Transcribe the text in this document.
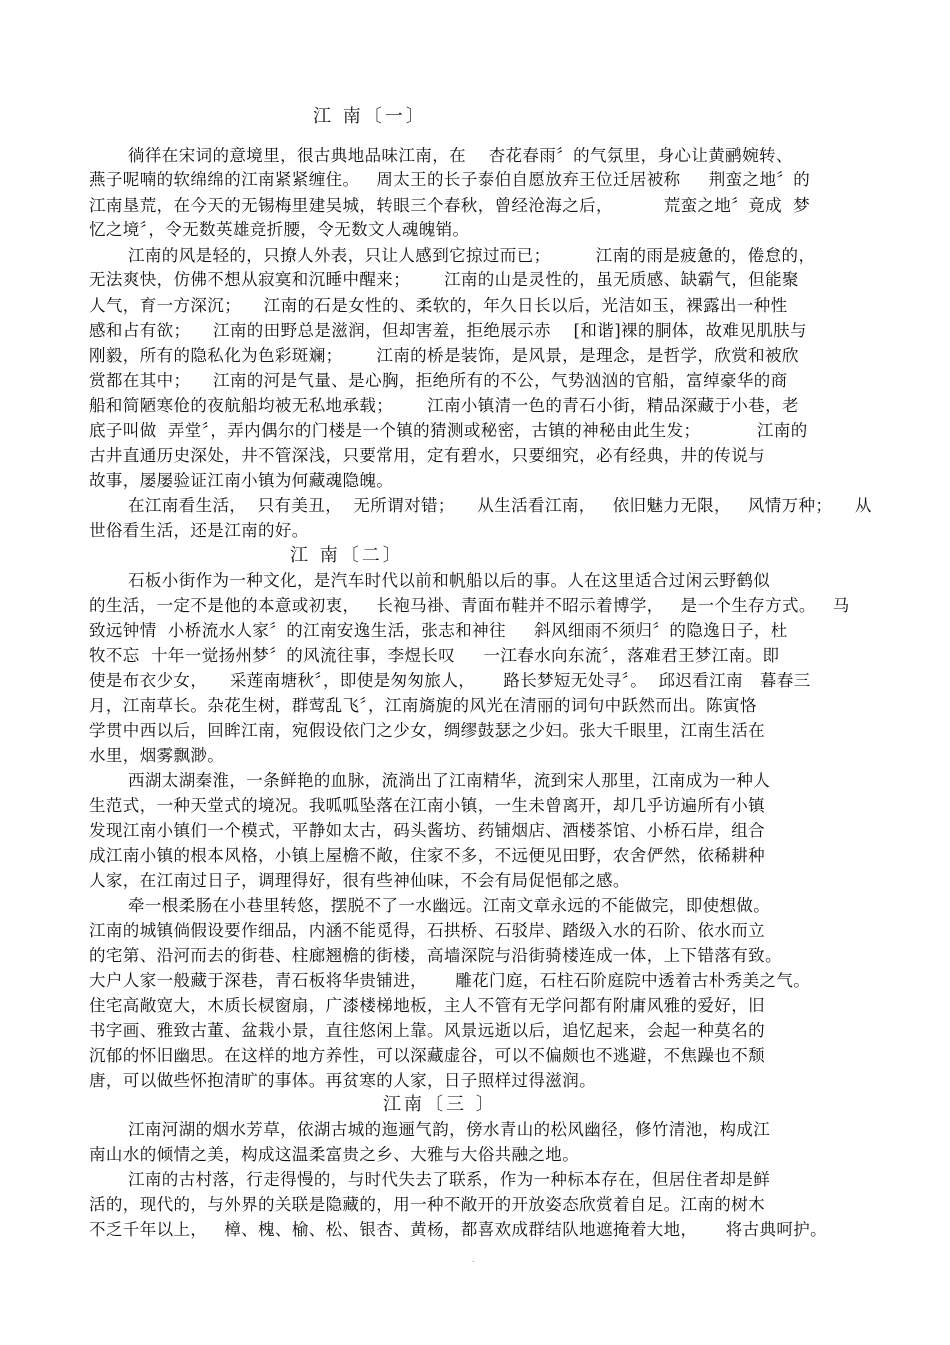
江 南〔一〕
徜徉在宋词的意境里，很古典地品味江南，在    杏花春雨〞的气氛里，身心让黄鹂婉转、
燕子呢喃的软绵绵的江南紧紧缠住。   周太王的长子泰伯自愿放弃王位迁居被称     荆蛮之地〞的
江南垦荒，在今天的无锡梅里建吴城，转眼三个春秋，曾经沧海之后，         荒蛮之地〞竟成  梦
忆之境〞，令无数英雄竞折腰，令无数文人魂魄销。
江南的风是轻的，只撩人外表，只让人感到它掠过而已；        江南的雨是疲惫的，倦怠的，
无法爽快，仿佛不想从寂寞和沉睡中醒来；      江南的山是灵性的，虽无质感、缺霸气，但能聚
人气，育一方深沉；    江南的石是女性的、柔软的，年久日长以后，光洁如玉，裸露出一种性
感和占有欲；    江南的田野总是滋润，但却害羞，拒绝展示赤    [和谐]裸的胴体，故难见肌肤与
刚毅，所有的隐私化为色彩斑斓；      江南的桥是装饰，是风景，是理念，是哲学，欣赏和被欣
赏都在其中；    江南的河是气量、是心胸，拒绝所有的不公，气势汹汹的官船，富绰豪华的商
船和简陋寒伧的夜航船均被无私地承载；      江南小镇清一色的青石小街，精品深藏于小巷，老
底子叫做  弄堂〞，弄内偶尔的门楼是一个镇的猜测或秘密，古镇的神秘由此生发；          江南的
古井直通历史深处，井不管深浅，只要常用，定有碧水，只要细究，必有经典，井的传说与
故事，屡屡验证江南小镇为何藏魂隐魄。
在江南看生活，  只有美丑，  无所谓对错；    从生活看江南，   依旧魅力无限，   风情万种；    从
世俗看生活，还是江南的好。
江 南〔二〕
石板小街作为一种文化，是汽车时代以前和帆船以后的事。人在这里适合过闲云野鹤似
的生活，一定不是他的本意或初衷，   长袍马褂、青面布鞋并不昭示着博学，   是一个生存方式。   马
致远钟情  小桥流水人家〞的江南安逸生活，张志和神往     斜风细雨不须归〞的隐逸日子，杜
牧不忘  十年一觉扬州梦〞的风流往事，李煜长叹     一江春水向东流〞，落难君王梦江南。即
使是布衣少女，    采莲南塘秋〞，即使是匆匆旅人，     路长梦短无处寻〞。  邱迟看江南   暮春三
月，江南草长。杂花生树，群莺乱飞〞，江南旖旎的风光在清丽的词句中跃然而出。陈寅恪
学贯中西以后，回眸江南，宛假设依门之少女，绸缪鼓瑟之少妇。张大千眼里，江南生活在
水里，烟雾飘渺。
西湖太湖秦淮，一条鲜艳的血脉，流淌出了江南精华，流到宋人那里，江南成为一种人
生范式，一种天堂式的境况。我呱呱坠落在江南小镇，一生未曾离开，却几乎访遍所有小镇
发现江南小镇们一个模式，平静如太古，码头酱坊、药铺烟店、酒楼茶馆、小桥石岸，组合
成江南小镇的根本风格，小镇上屋檐不敞，住家不多，不远便见田野，农舍俨然，依稀耕种
人家，在江南过日子，调理得好，很有些神仙味，不会有局促悒郁之感。
牵一根柔肠在小巷里转悠，摆脱不了一水幽远。江南文章永远的不能做完，即使想做。
江南的城镇倘假设要作细品，内涵不能觅得，石拱桥、石驳岸、踏级入水的石阶、依水而立
的宅第、沿河而去的街巷、柱廊翘檐的街楼，高墙深院与沿街骑楼连成一体，上下错落有致。
大户人家一般藏于深巷，青石板将华贵铺进，     雕花门庭，石柱石阶庭院中透着古朴秀美之气。
住宅高敞宽大，木质长棂窗扇，广漆楼梯地板，主人不管有无学问都有附庸风雅的爱好，旧
书字画、雅致古董、盆栽小景，直往悠闲上靠。风景远逝以后，追忆起来，会起一种莫名的
沉郁的怀旧幽思。在这样的地方养性，可以深藏虚谷，可以不偏颇也不逃避，不焦躁也不颓
唐，可以做些怀抱清旷的事体。再贫寒的人家，日子照样过得滋润。
江南〔三 〕
江南河湖的烟水芳草，依湖古城的迤逦气韵，傍水青山的松风幽径，修竹清池，构成江
南山水的倾情之美，构成这温柔富贵之乡、大雅与大俗共融之地。
江南的古村落，行走得慢的，与时代失去了联系，作为一种标本存在，但居住者却是鲜
活的，现代的，与外界的关联是隐藏的，用一种不敞开的开放姿态欣赏着自足。江南的树木
不乏千年以上，   樟、槐、榆、松、银杏、黄杨，都喜欢成群结队地遮掩着大地，     将古典呵护。
.
